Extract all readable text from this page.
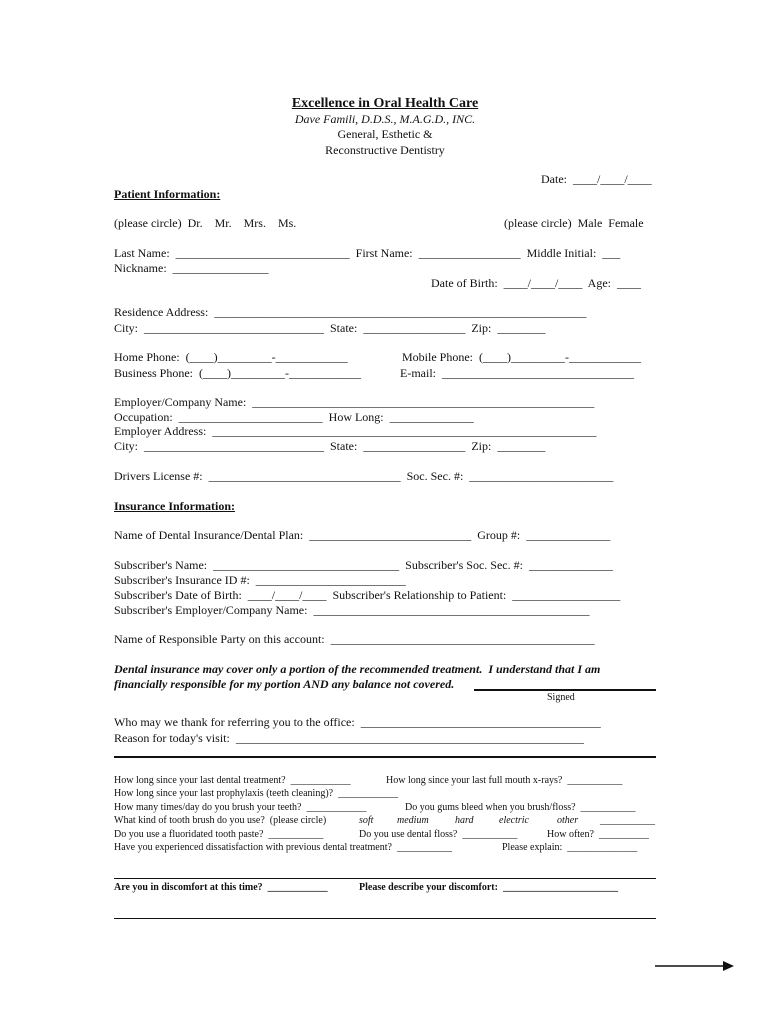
Excellence in Oral Health Care
Dave Famili, D.D.S., M.A.G.D., INC.
General, Esthetic &
Reconstructive Dentistry
Date:  ____/____/____
Patient Information:
(please circle)  Dr.    Mr.    Mrs.    Ms.	(please circle)  Male  Female
Last Name:  _____________________________  First Name:  _________________  Middle Initial:  ___
Nickname:  ________________
Date of Birth:  ____/____/____  Age:  ____
Residence Address:  ______________________________________________________________
City:  ______________________________  State:  _________________  Zip:  ________
Home Phone:  (____)_________-____________	Mobile Phone:  (____)_________-____________
Business Phone:  (____)_________-____________	E-mail:  ________________________________
Employer/Company Name:  _________________________________________________________
Occupation:  ________________________  How Long:  ______________
Employer Address:  ________________________________________________________________
City:  ______________________________  State:  _________________  Zip:  ________
Drivers License #:  ________________________________  Soc. Sec. #:  ________________________
Insurance Information:
Name of Dental Insurance/Dental Plan:  ___________________________  Group #:  ______________
Subscriber's Name:  _______________________________  Subscriber's Soc. Sec. #:  ______________
Subscriber's Insurance ID #:  _________________________
Subscriber's Date of Birth:  ____/____/____  Subscriber's Relationship to Patient:  __________________
Subscriber's Employer/Company Name:  ______________________________________________
Name of Responsible Party on this account:  ____________________________________________
Dental insurance may cover only a portion of the recommended treatment.  I understand that I am
financially responsible for my portion AND any balance not covered.
Signed
Who may we thank for referring you to the office:  ________________________________________
Reason for today's visit:  __________________________________________________________
How long since your last dental treatment?  ____________	How long since your last full mouth x-rays?  ___________
How long since your last prophylaxis (teeth cleaning)?  ____________
How many times/day do you brush your teeth?  ____________	Do you gums bleed when you brush/floss?  ___________
What kind of tooth brush do you use?  (please circle)	soft medium	hard	electric	other ___________
Do you use a fluoridated tooth paste?  ___________	Do you use dental floss?  ___________	How often?  __________
Have you experienced dissatisfaction with previous dental treatment?  ___________	Please explain:  ______________
Are you in discomfort at this time?  ____________	Please describe your discomfort:  _______________________
